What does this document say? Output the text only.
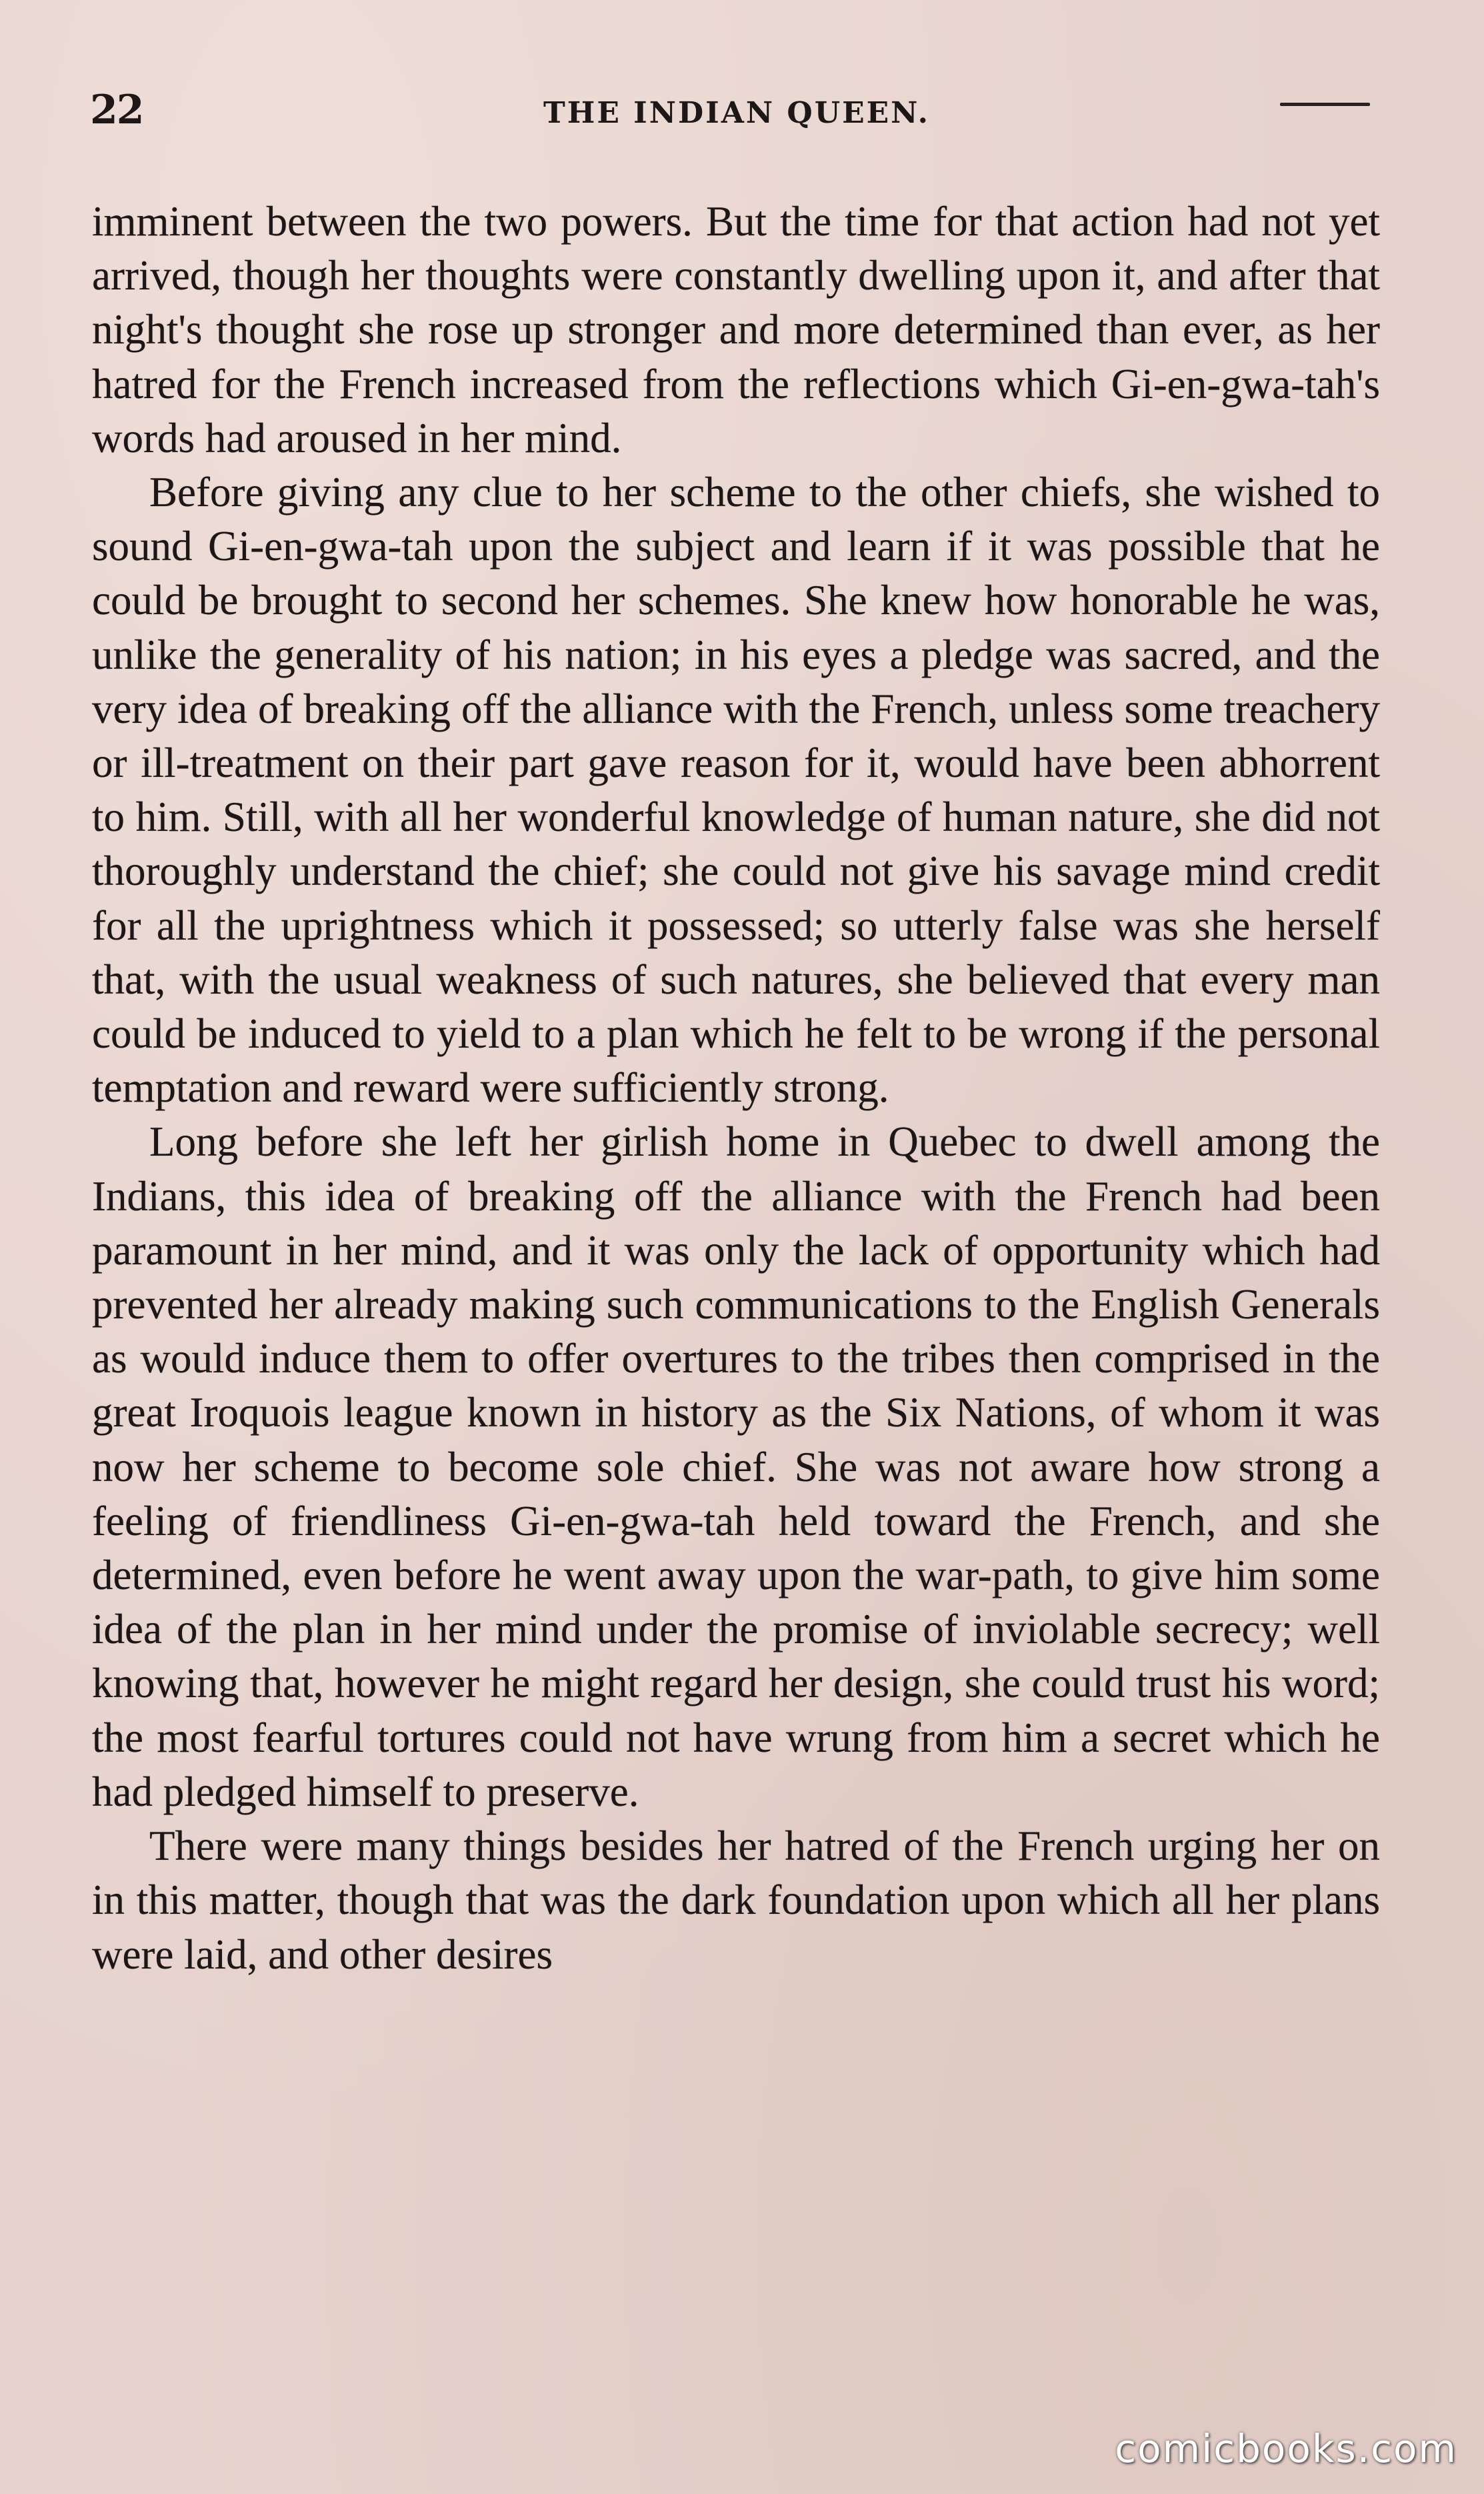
22	THE INDIAN QUEEN.

imminent between the two powers. But the time for that action had not yet arrived, though her thoughts were constantly dwelling upon it, and after that night's thought she rose up stronger and more determined than ever, as her hatred for the French increased from the reflections which Gi-en-gwa-tah's words had aroused in her mind.

Before giving any clue to her scheme to the other chiefs, she wished to sound Gi-en-gwa-tah upon the subject and learn if it was possible that he could be brought to second her schemes. She knew how honorable he was, unlike the generality of his nation; in his eyes a pledge was sacred, and the very idea of breaking off the alliance with the French, unless some treachery or ill-treatment on their part gave reason for it, would have been abhorrent to him. Still, with all her wonderful knowledge of human nature, she did not thoroughly understand the chief; she could not give his savage mind credit for all the uprightness which it possessed; so utterly false was she herself that, with the usual weakness of such natures, she believed that every man could be induced to yield to a plan which he felt to be wrong if the personal temptation and reward were sufficiently strong.

Long before she left her girlish home in Quebec to dwell among the Indians, this idea of breaking off the alliance with the French had been paramount in her mind, and it was only the lack of opportunity which had prevented her already making such communications to the English Generals as would induce them to offer overtures to the tribes then comprised in the great Iroquois league known in history as the Six Nations, of whom it was now her scheme to become sole chief. She was not aware how strong a feeling of friendliness Gi-en-gwa-tah held toward the French, and she determined, even before he went away upon the war-path, to give him some idea of the plan in her mind under the promise of inviolable secrecy; well knowing that, however he might regard her design, she could trust his word; the most fearful tortures could not have wrung from him a secret which he had pledged himself to preserve.

There were many things besides her hatred of the French urging her on in this matter, though that was the dark foundation upon which all her plans were laid, and other desires

comicbooks.com
